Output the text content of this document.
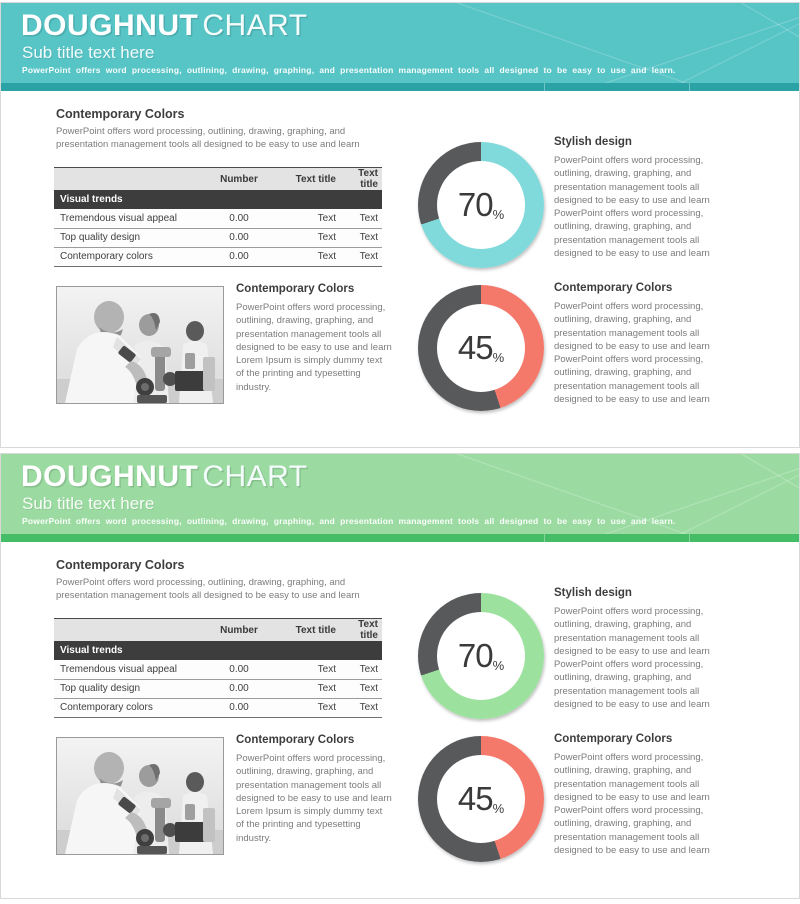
DOUGHNUT CHART
Sub title text here
PowerPoint offers word processing, outlining, drawing, graphing, and presentation management tools all designed to be easy to use and learn.
Contemporary Colors

PowerPoint offers word processing, outlining, drawing, graphing, and presentation management tools all designed to be easy to use and learn

	Number	Text title	Text title
Visual trends			
Tremendous visual appeal	0.00	Text	Text
Top quality design	0.00	Text	Text
Contemporary colors	0.00	Text	Text
Contemporary Colors

PowerPoint offers word processing, outlining, drawing, graphing, and presentation management tools all designed to be easy to use and learn Lorem Ipsum is simply dummy text of the printing and typesetting industry.

70 %
Stylish design

PowerPoint offers word processing, outlining, drawing, graphing, and presentation management tools all designed to be easy to use and learn PowerPoint offers word processing, outlining, drawing, graphing, and presentation management tools all designed to be easy to use and learn

45 %
Contemporary Colors

PowerPoint offers word processing, outlining, drawing, graphing, and presentation management tools all designed to be easy to use and learn PowerPoint offers word processing, outlining, drawing, graphing, and presentation management tools all designed to be easy to use and learn

DOUGHNUT CHART
Sub title text here
PowerPoint offers word processing, outlining, drawing, graphing, and presentation management tools all designed to be easy to use and learn.
Contemporary Colors

PowerPoint offers word processing, outlining, drawing, graphing, and presentation management tools all designed to be easy to use and learn

	Number	Text title	Text title
Visual trends			
Tremendous visual appeal	0.00	Text	Text
Top quality design	0.00	Text	Text
Contemporary colors	0.00	Text	Text
Contemporary Colors

PowerPoint offers word processing, outlining, drawing, graphing, and presentation management tools all designed to be easy to use and learn Lorem Ipsum is simply dummy text of the printing and typesetting industry.

70 %
Stylish design

PowerPoint offers word processing, outlining, drawing, graphing, and presentation management tools all designed to be easy to use and learn PowerPoint offers word processing, outlining, drawing, graphing, and presentation management tools all designed to be easy to use and learn

45 %
Contemporary Colors

PowerPoint offers word processing, outlining, drawing, graphing, and presentation management tools all designed to be easy to use and learn PowerPoint offers word processing, outlining, drawing, graphing, and presentation management tools all designed to be easy to use and learn
